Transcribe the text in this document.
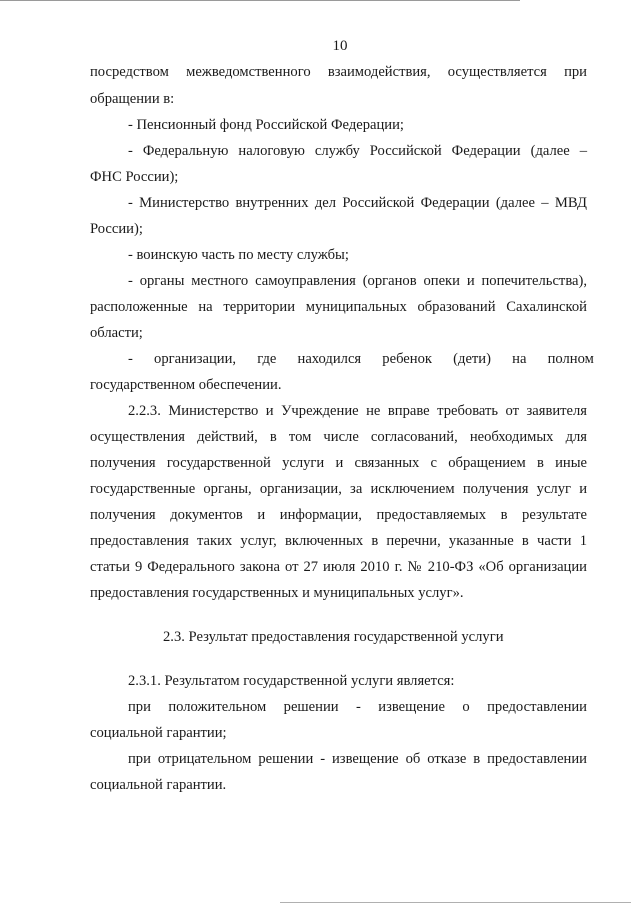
10
посредством межведомственного взаимодействия, осуществляется при
обращении в:
- Пенсионный фонд Российской Федерации;
- Федеральную налоговую службу Российской Федерации (далее –
ФНС России);
- Министерство внутренних дел Российской Федерации (далее – МВД
России);
- воинскую часть по месту службы;
- органы местного самоуправления (органов опеки и попечительства),
расположенные на территории муниципальных образований Сахалинской
области;
- организации, где находился ребенок (дети) на полном
государственном обеспечении.
2.2.3. Министерство и Учреждение не вправе требовать от заявителя
осуществления действий, в том числе согласований, необходимых для
получения государственной услуги и связанных с обращением в иные
государственные органы, организации, за исключением получения услуг и
получения документов и информации, предоставляемых в результате
предоставления таких услуг, включенных в перечни, указанные в части 1
статьи 9 Федерального закона от 27 июля 2010 г. № 210-ФЗ «Об организации
предоставления государственных и муниципальных услуг».
2.3. Результат предоставления государственной услуги
2.3.1. Результатом государственной услуги является:
при положительном решении - извещение о предоставлении
социальной гарантии;
при отрицательном решении - извещение об отказе в предоставлении
социальной гарантии.
